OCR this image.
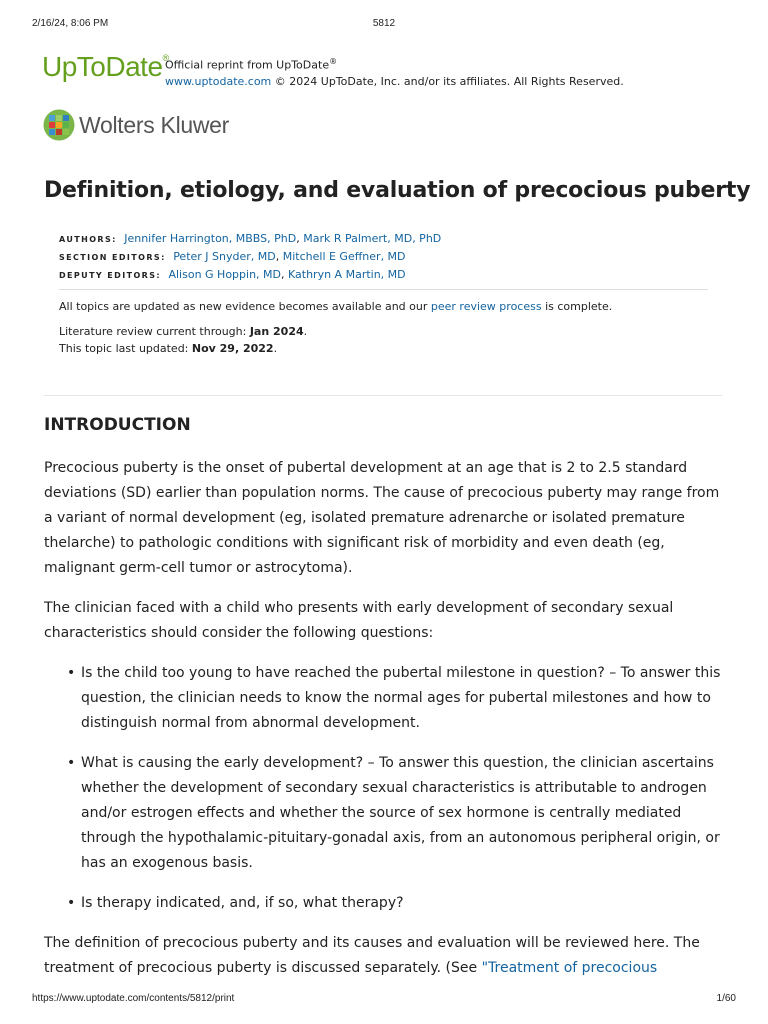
2/16/24, 8:06 PM	5812
UpToDate®
Official reprint from UpToDate®
www.uptodate.com © 2024 UpToDate, Inc. and/or its affiliates. All Rights Reserved.
Wolters Kluwer
Definition, etiology, and evaluation of precocious puberty
AUTHORS: Jennifer Harrington, MBBS, PhD, Mark R Palmert, MD, PhD
SECTION EDITORS: Peter J Snyder, MD, Mitchell E Geffner, MD
DEPUTY EDITORS: Alison G Hoppin, MD, Kathryn A Martin, MD

All topics are updated as new evidence becomes available and our peer review process is complete.

Literature review current through: Jan 2024.

This topic last updated: Nov 29, 2022.

INTRODUCTION

Precocious puberty is the onset of pubertal development at an age that is 2 to 2.5 standard deviations (SD) earlier than population norms. The cause of precocious puberty may range from a variant of normal development (eg, isolated premature adrenarche or isolated premature thelarche) to pathologic conditions with significant risk of morbidity and even death (eg, malignant germ-cell tumor or astrocytoma).

The clinician faced with a child who presents with early development of secondary sexual characteristics should consider the following questions:

• Is the child too young to have reached the pubertal milestone in question? – To answer this question, the clinician needs to know the normal ages for pubertal milestones and how to distinguish normal from abnormal development.
• What is causing the early development? – To answer this question, the clinician ascertains whether the development of secondary sexual characteristics is attributable to androgen and/or estrogen effects and whether the source of sex hormone is centrally mediated through the hypothalamic-pituitary-gonadal axis, from an autonomous peripheral origin, or has an exogenous basis.
• Is therapy indicated, and, if so, what therapy?

The definition of precocious puberty and its causes and evaluation will be reviewed here. The treatment of precocious puberty is discussed separately. (See "Treatment of precocious

https://www.uptodate.com/contents/5812/print	1/60
